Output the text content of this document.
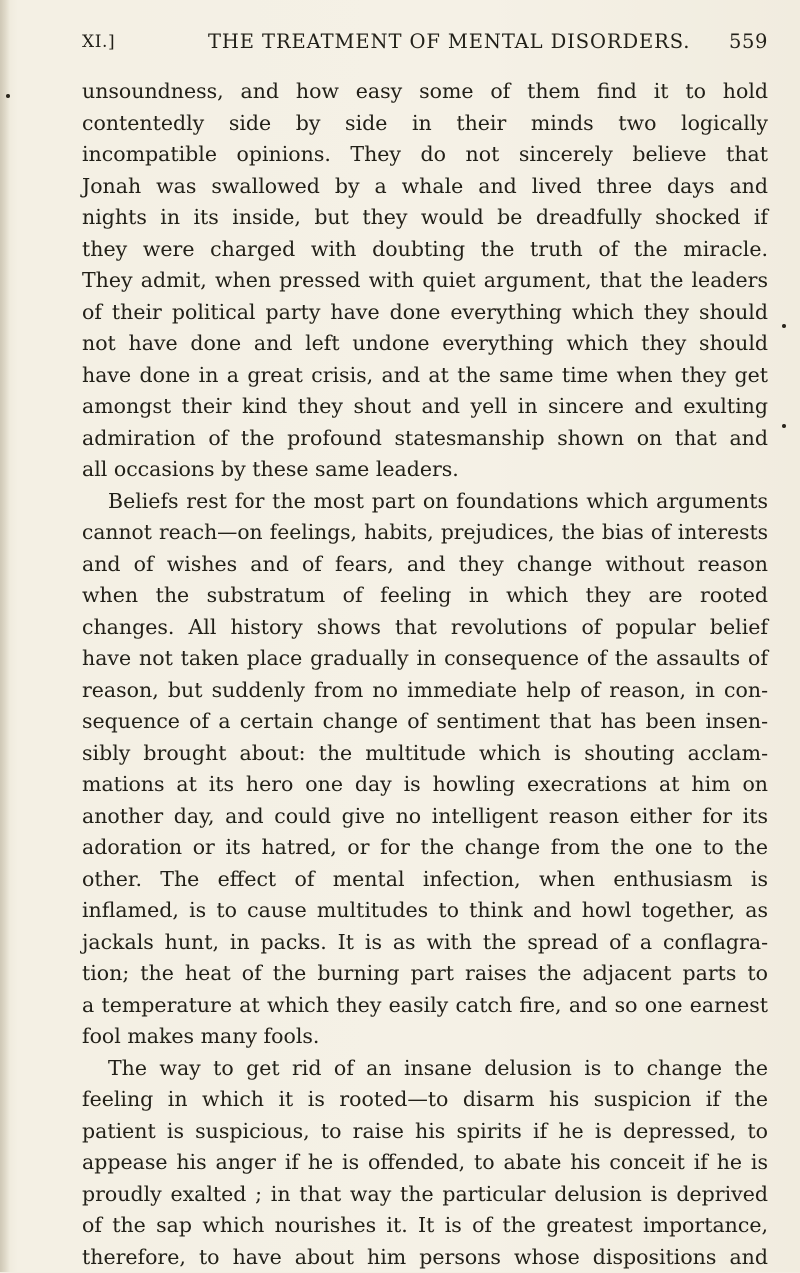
XI.]	THE TREATMENT OF MENTAL DISORDERS. 559
unsoundness, and how easy some of them find it to hold
contentedly side by side in their minds two logically
incompatible opinions. They do not sincerely believe that
Jonah was swallowed by a whale and lived three days and
nights in its inside, but they would be dreadfully shocked if
they were charged with doubting the truth of the miracle.
They admit, when pressed with quiet argument, that the leaders
of their political party have done everything which they should
not have done and left undone everything which they should
have done in a great crisis, and at the same time when they get
amongst their kind they shout and yell in sincere and exulting
admiration of the profound statesmanship shown on that and
all occasions by these same leaders.
Beliefs rest for the most part on foundations which arguments
cannot reach—on feelings, habits, prejudices, the bias of interests
and of wishes and of fears, and they change without reason
when the substratum of feeling in which they are rooted
changes. All history shows that revolutions of popular belief
have not taken place gradually in consequence of the assaults of
reason, but suddenly from no immediate help of reason, in con-
sequence of a certain change of sentiment that has been insen-
sibly brought about: the multitude which is shouting acclam-
mations at its hero one day is howling execrations at him on
another day, and could give no intelligent reason either for its
adoration or its hatred, or for the change from the one to the
other. The effect of mental infection, when enthusiasm is
inflamed, is to cause multitudes to think and howl together, as
jackals hunt, in packs. It is as with the spread of a conflagra-
tion; the heat of the burning part raises the adjacent parts to
a temperature at which they easily catch fire, and so one earnest
fool makes many fools.
The way to get rid of an insane delusion is to change the
feeling in which it is rooted—to disarm his suspicion if the
patient is suspicious, to raise his spirits if he is depressed, to
appease his anger if he is offended, to abate his conceit if he is
proudly exalted ; in that way the particular delusion is deprived
of the sap which nourishes it. It is of the greatest importance,
therefore, to have about him persons whose dispositions and
